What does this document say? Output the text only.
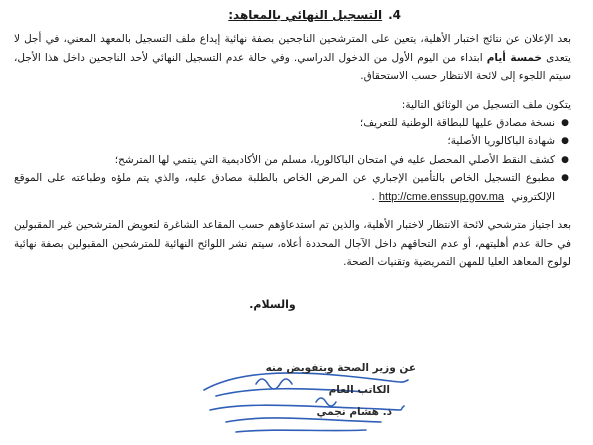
4.التسجيل النهائي بالمعاهد:

بعد الإعلان عن نتائج اختبار الأهلية، يتعين على المترشحين الناجحين بصفة نهائية إيداع ملف التسجيل بالمعهد المعني، في أجل لا يتعدى خمسة أيام ابتداء من اليوم الأول من الدخول الدراسي. وفي حالة عدم التسجيل النهائي لأحد الناجحين داخل هذا الأجل، سيتم اللجوء إلى لائحة الانتظار حسب الاستحقاق.

يتكون ملف التسجيل من الوثائق التالية:

●
نسخة مصادق عليها للبطاقة الوطنية للتعريف؛
●
شهادة الباكالوريا الأصلية؛
●
كشف النقط الأصلي المحصل عليه في امتحان الباكالوريا، مسلم من الأكاديمية التي ينتمي لها المترشح؛
●
مطبوع التسجيل الخاص بالتأمين الإجباري عن المرض الخاص بالطلبة مصادق عليه، والذي يتم ملؤه وطباعته على الموقع الإلكتروني http://cme.enssup.gov.ma.

بعد اجتياز مترشحي لائحة الانتظار لاختبار الأهلية، والذين تم استدعاؤهم حسب المقاعد الشاغرة لتعويض المترشحين غير المقبولين في حالة عدم أهليتهم، أو عدم التحاقهم داخل الآجال المحددة أعلاه، سيتم نشر اللوائح النهائية للمترشحين المقبولين بصفة نهائية لولوج المعاهد العليا للمهن التمريضية وتقنيات الصحة.

والسلام.

عن وزير الصحة وبتفويض منه
الكاتب العام
ذ. هشام نجمي
